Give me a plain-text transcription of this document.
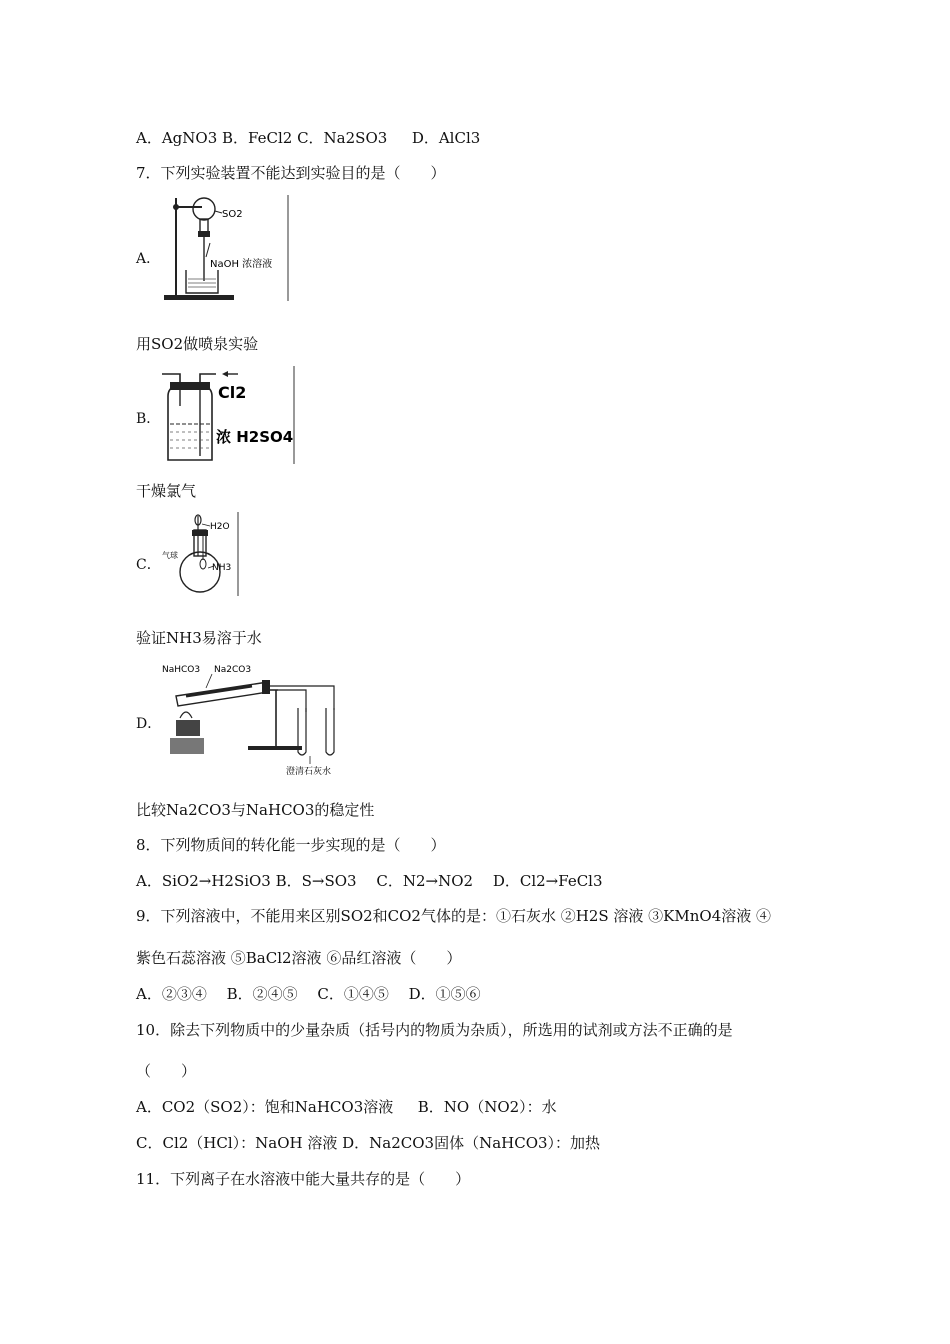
A．AgNO3 B．FeCl2 C．Na2SO3 　 D．AlCl3
7．下列实验装置不能达到实验目的是（　　）
A．
SO2
NaOH 浓溶液
用SO2做喷泉实验
B．
Cl2
浓 H2SO4
干燥氯气
C．
H2O
气球
NH3
验证NH3易溶于水
D．
NaHCO3 Na2CO3
澄清石灰水
比较Na2CO3与NaHCO3的稳定性
8．下列物质间的转化能一步实现的是（　　）
A．SiO2→H2SiO3 B．S→SO3 　C．N2→NO2 　D．Cl2→FeCl3
9．下列溶液中，不能用来区别SO2和CO2气体的是：①石灰水 ②H2S 溶液 ③KMnO4溶液 ④
紫色石蕊溶液 ⑤BaCl2溶液 ⑥品红溶液（　　）
A．②③④ 　B．②④⑤ 　C．①④⑤ 　D．①⑤⑥
10．除去下列物质中的少量杂质（括号内的物质为杂质），所选用的试剂或方法不正确的是
（　　）
A．CO2（SO2）：饱和NaHCO3溶液 　 B．NO（NO2）：水
C．Cl2（HCl）：NaOH 溶液 D．Na2CO3固体（NaHCO3）：加热
11．下列离子在水溶液中能大量共存的是（　　）
